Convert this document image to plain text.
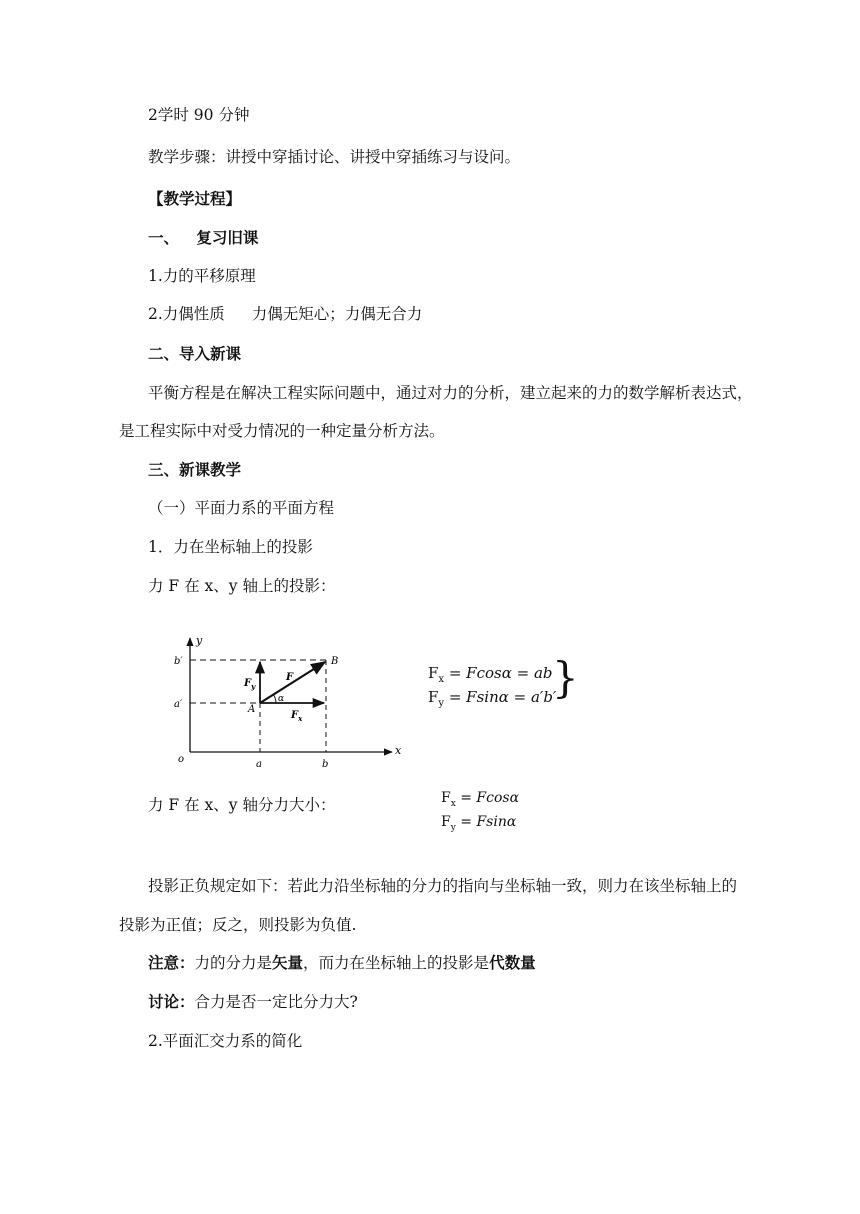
2学时 90 分钟
教学步骤：讲授中穿插讨论、讲授中穿插练习与设问。
【教学过程】
一、 复习旧课
1.力的平移原理
2.力偶性质 力偶无矩心；力偶无合力
二、导入新课
平衡方程是在解决工程实际问题中，通过对力的分析，建立起来的力的数学解析表达式，
是工程实际中对受力情况的一种定量分析方法。
三、新课教学
（一）平面力系的平面方程
1．力在坐标轴上的投影
力 F 在 x、y 轴上的投影：
y
x
o
b′
a′	A
B
a	b
F
$F_y$
$F_x$
α
$F_x = Fcos\alpha$ = ab
$F_y = Fsin\alpha = a'b'$
}
力 F 在 x、y 轴分力大小：	$F_x = Fcos\alpha$
$F_y = Fsin\alpha$
投影正负规定如下：若此力沿坐标轴的分力的指向与坐标轴一致，则力在该坐标轴上的
投影为正值；反之，则投影为负值.
注意：力的分力是矢量，而力在坐标轴上的投影是代数量
讨论：合力是否一定比分力大?
2.平面汇交力系的简化
